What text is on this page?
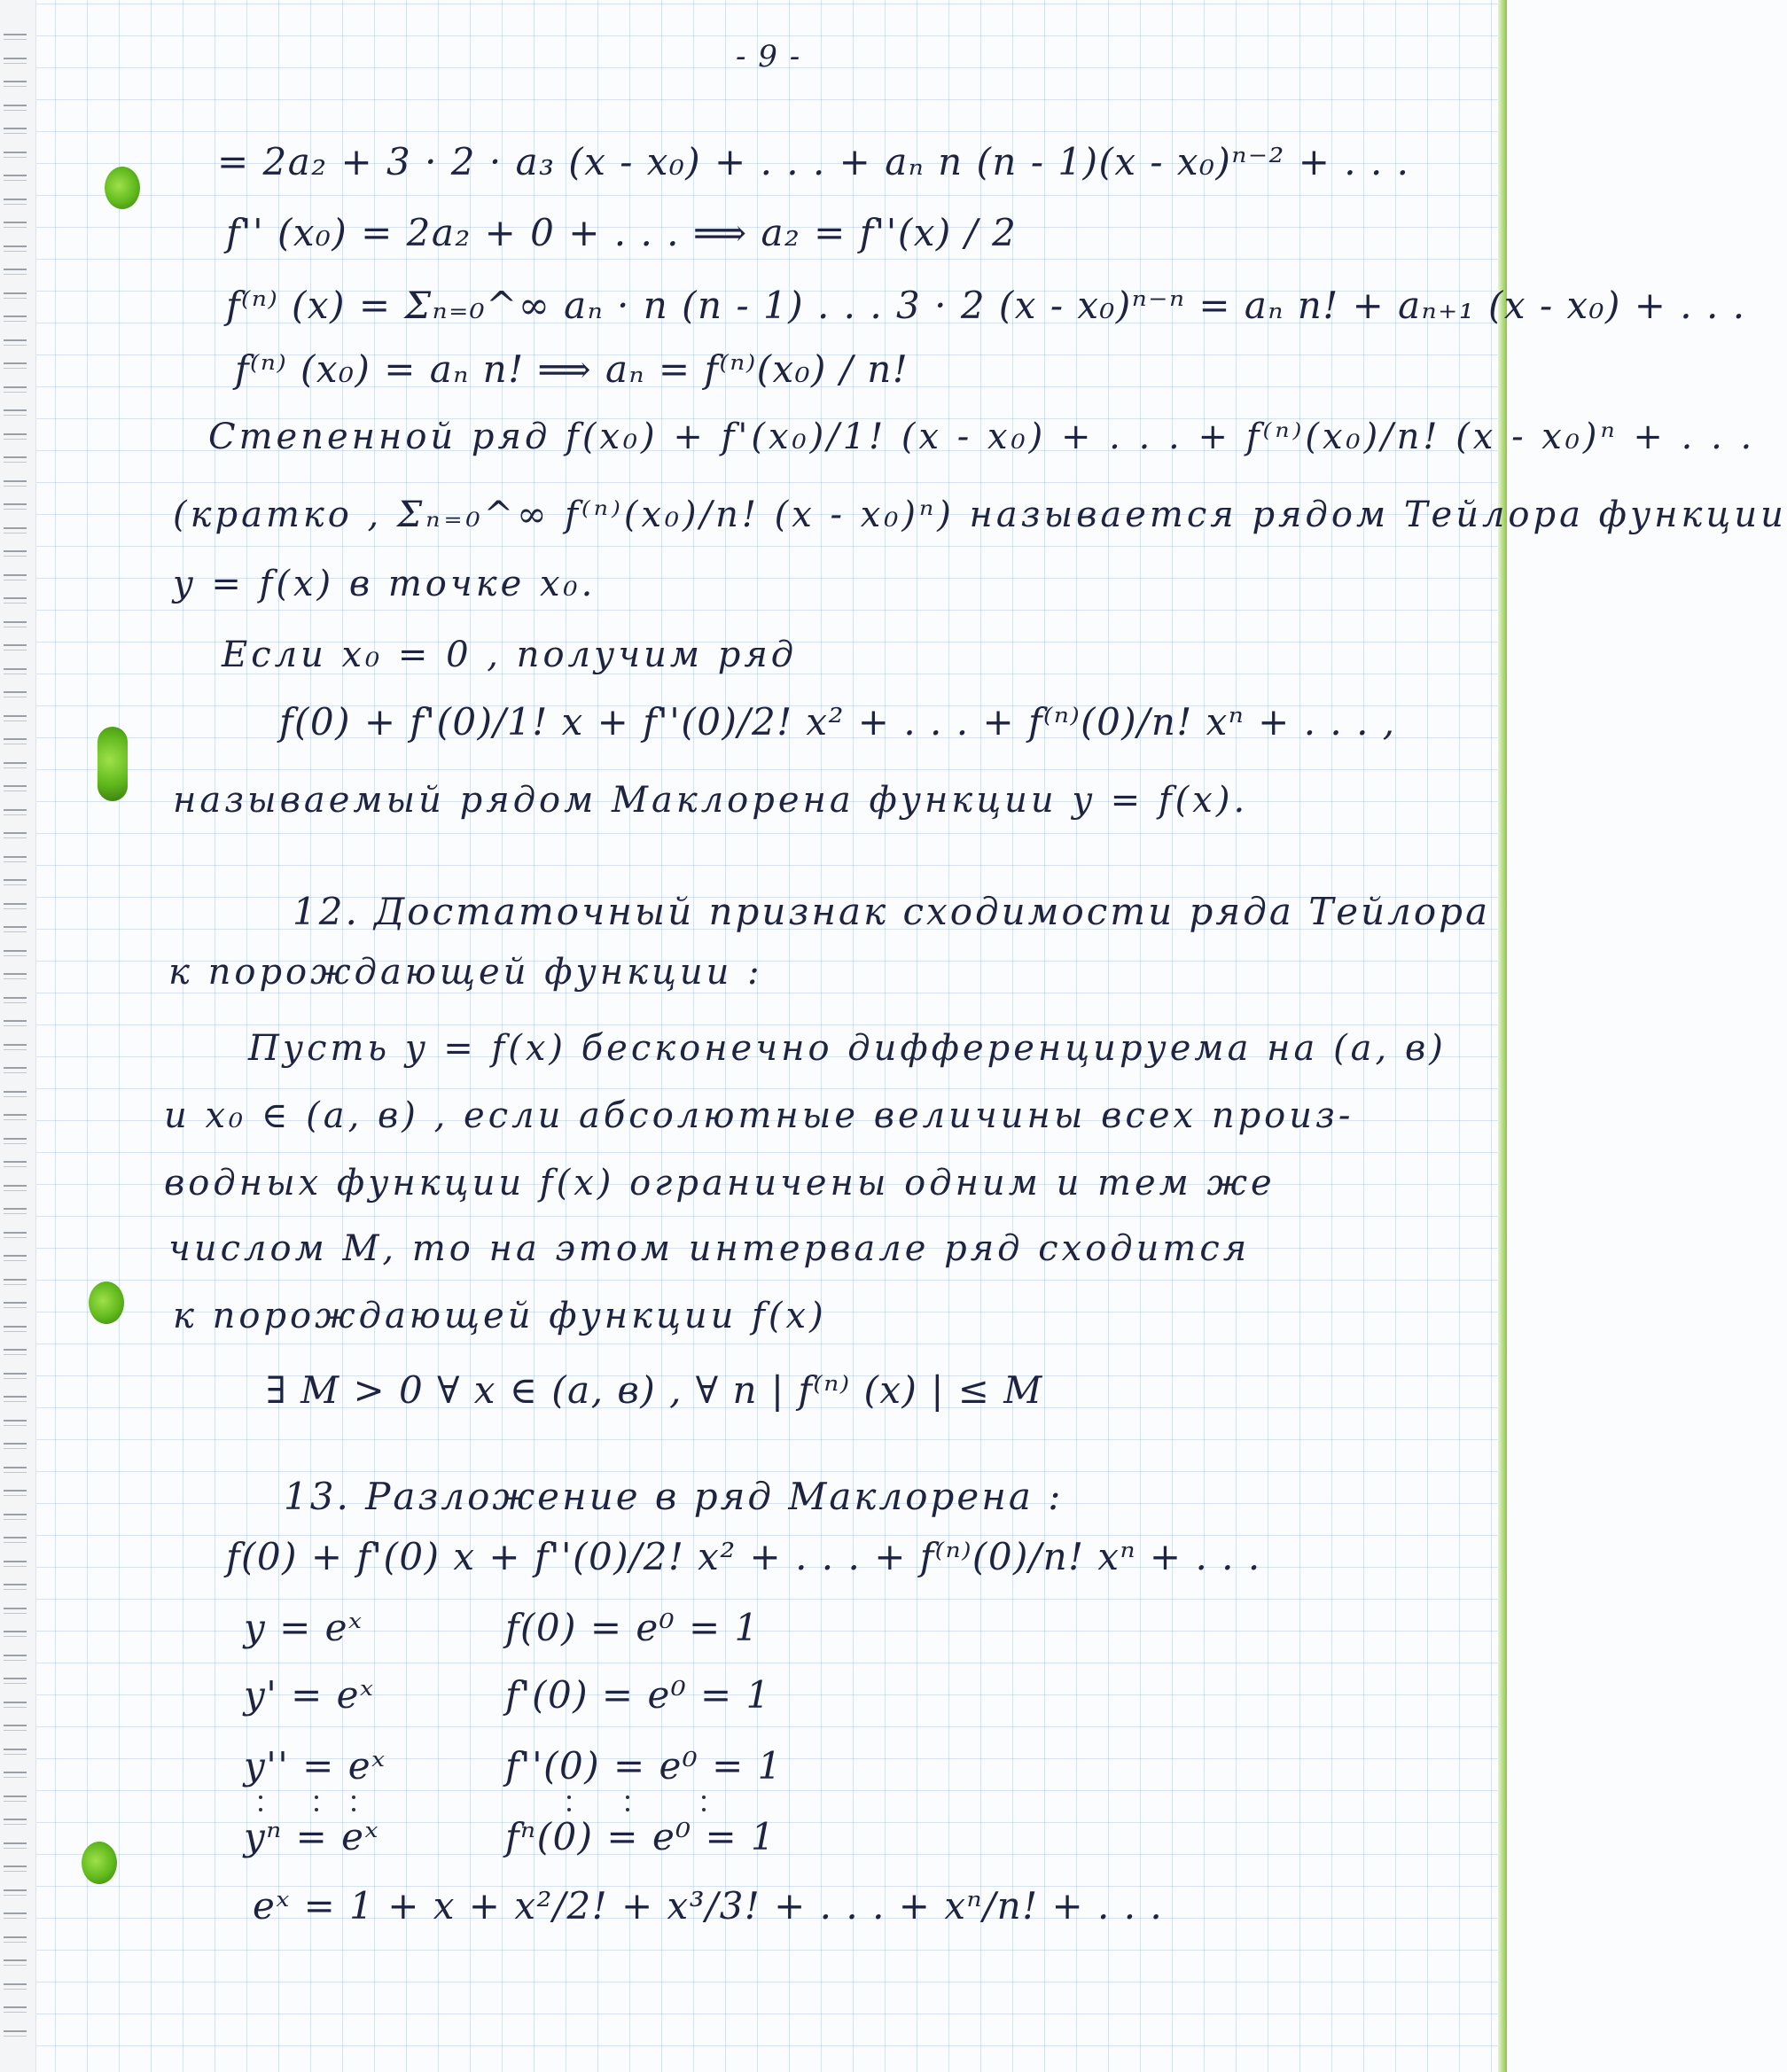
- 9 -
= 2a₂ + 3 · 2 · a₃ (x - x₀) + . . . + aₙ n (n - 1)(x - x₀)ⁿ⁻² + . . .
f'' (x₀) = 2a₂ + 0 + . . . ⟹ a₂ = f''(x) / 2
f⁽ⁿ⁾ (x) = Σₙ₌₀^∞ aₙ · n (n - 1) . . . 3 · 2 (x - x₀)ⁿ⁻ⁿ = aₙ n! + aₙ₊₁ (x - x₀) + . . .
f⁽ⁿ⁾ (x₀) = aₙ n! ⟹ aₙ = f⁽ⁿ⁾(x₀) / n!
Степенной ряд f(x₀) + f'(x₀)/1! (x - x₀) + . . . + f⁽ⁿ⁾(x₀)/n! (x - x₀)ⁿ + . . .
(кратко , Σₙ₌₀^∞ f⁽ⁿ⁾(x₀)/n! (x - x₀)ⁿ) называется рядом Тейлора функции
y = f(x) в точке x₀.
Если x₀ = 0 , получим ряд
f(0) + f'(0)/1! x + f''(0)/2! x² + . . . + f⁽ⁿ⁾(0)/n! xⁿ + . . . ,
называемый рядом Маклорена функции y = f(x).
12. Достаточный признак сходимости ряда Тейлора
к порождающей функции :
Пусть y = f(x) бесконечно дифференцируема на (a, в)
и x₀ ∈ (a, в) , если абсолютные величины всех произ-
водных функции f(x) ограничены одним и тем же
числом M, то на этом интервале ряд сходится
к порождающей функции f(x)
∃ M > 0 ∀ x ∈ (a, в) , ∀ n | f⁽ⁿ⁾ (x) | ≤ M
13. Разложение в ряд Маклорена :
f(0) + f'(0) x + f''(0)/2! x² + . . . + f⁽ⁿ⁾(0)/n! xⁿ + . . .
y = eˣ	f(0) = e⁰ = 1
y' = eˣ	f'(0) = e⁰ = 1
y'' = eˣ	f''(0) = e⁰ = 1
yⁿ = eˣ	fⁿ(0) = e⁰ = 1
eˣ = 1 + x + x²/2! + x³/3! + . . . + xⁿ/n! + . . .
